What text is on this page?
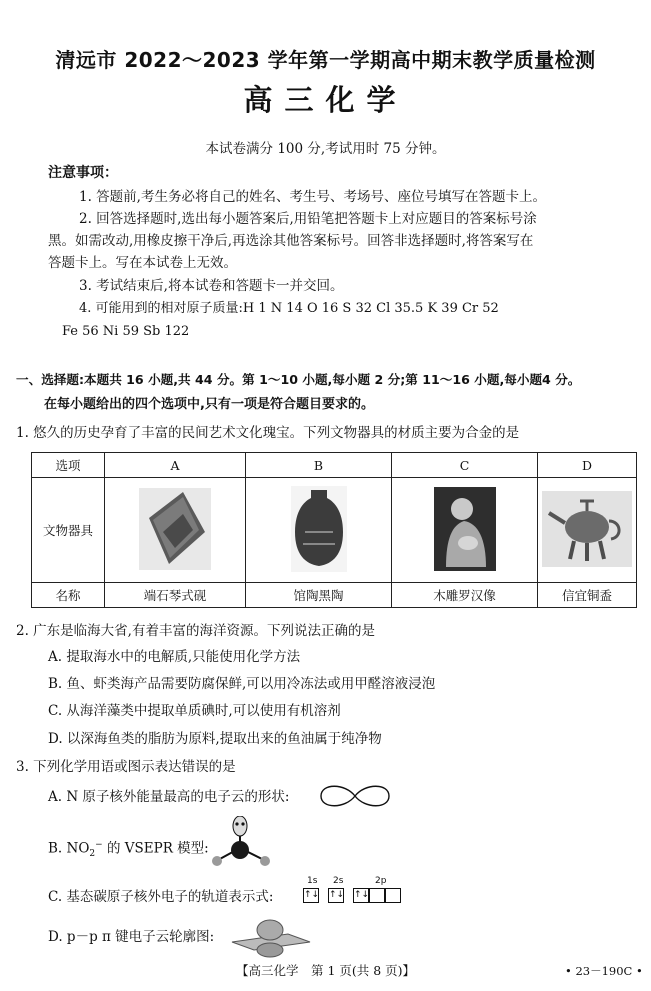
清远市 2022～2023 学年第一学期高中期末教学质量检测
高三化学
本试卷满分 100 分,考试用时 75 分钟。
注意事项：
1. 答题前,考生务必将自己的姓名、考生号、考场号、座位号填写在答题卡上。
2. 回答选择题时,选出每小题答案后,用铅笔把答题卡上对应题目的答案标号涂
黑。如需改动,用橡皮擦干净后,再选涂其他答案标号。回答非选择题时,将答案写在
答题卡上。写在本试卷上无效。
3. 考试结束后,将本试卷和答题卡一并交回。
4. 可能用到的相对原子质量:H 1 N 14 O 16 S 32 Cl 35.5 K 39 Cr 52
Fe 56 Ni 59 Sb 122
一、选择题:本题共 16 小题,共 44 分。第 1～10 小题,每小题 2 分;第 11～16 小题,每小题4 分。
在每小题给出的四个选项中,只有一项是符合题目要求的。
1. 悠久的历史孕育了丰富的民间艺术文化瑰宝。下列文物器具的材质主要为合金的是
选项	A	B	C	D
文物器具				
名称	端石琴式砚	馆陶黑陶	木雕罗汉像	信宜铜盉
2. 广东是临海大省,有着丰富的海洋资源。下列说法正确的是
A. 提取海水中的电解质,只能使用化学方法
B. 鱼、虾类海产品需要防腐保鲜,可以用冷冻法或用甲醛溶液浸泡
C. 从海洋藻类中提取单质碘时,可以使用有机溶剂
D. 以深海鱼类的脂肪为原料,提取出来的鱼油属于纯净物
3. 下列化学用语或图示表达错误的是
A. N 原子核外能量最高的电子云的形状:
B. $NO_2^-$ 的 VSEPR 模型:
C. 基态碳原子核外电子的轨道表示式:
1s 2s	2p
↑↓ ↑↓ ↑↓
D. p－p π 键电子云轮廓图:
【高三化学　第 1 页(共 8 页)】	• 23－190C •
